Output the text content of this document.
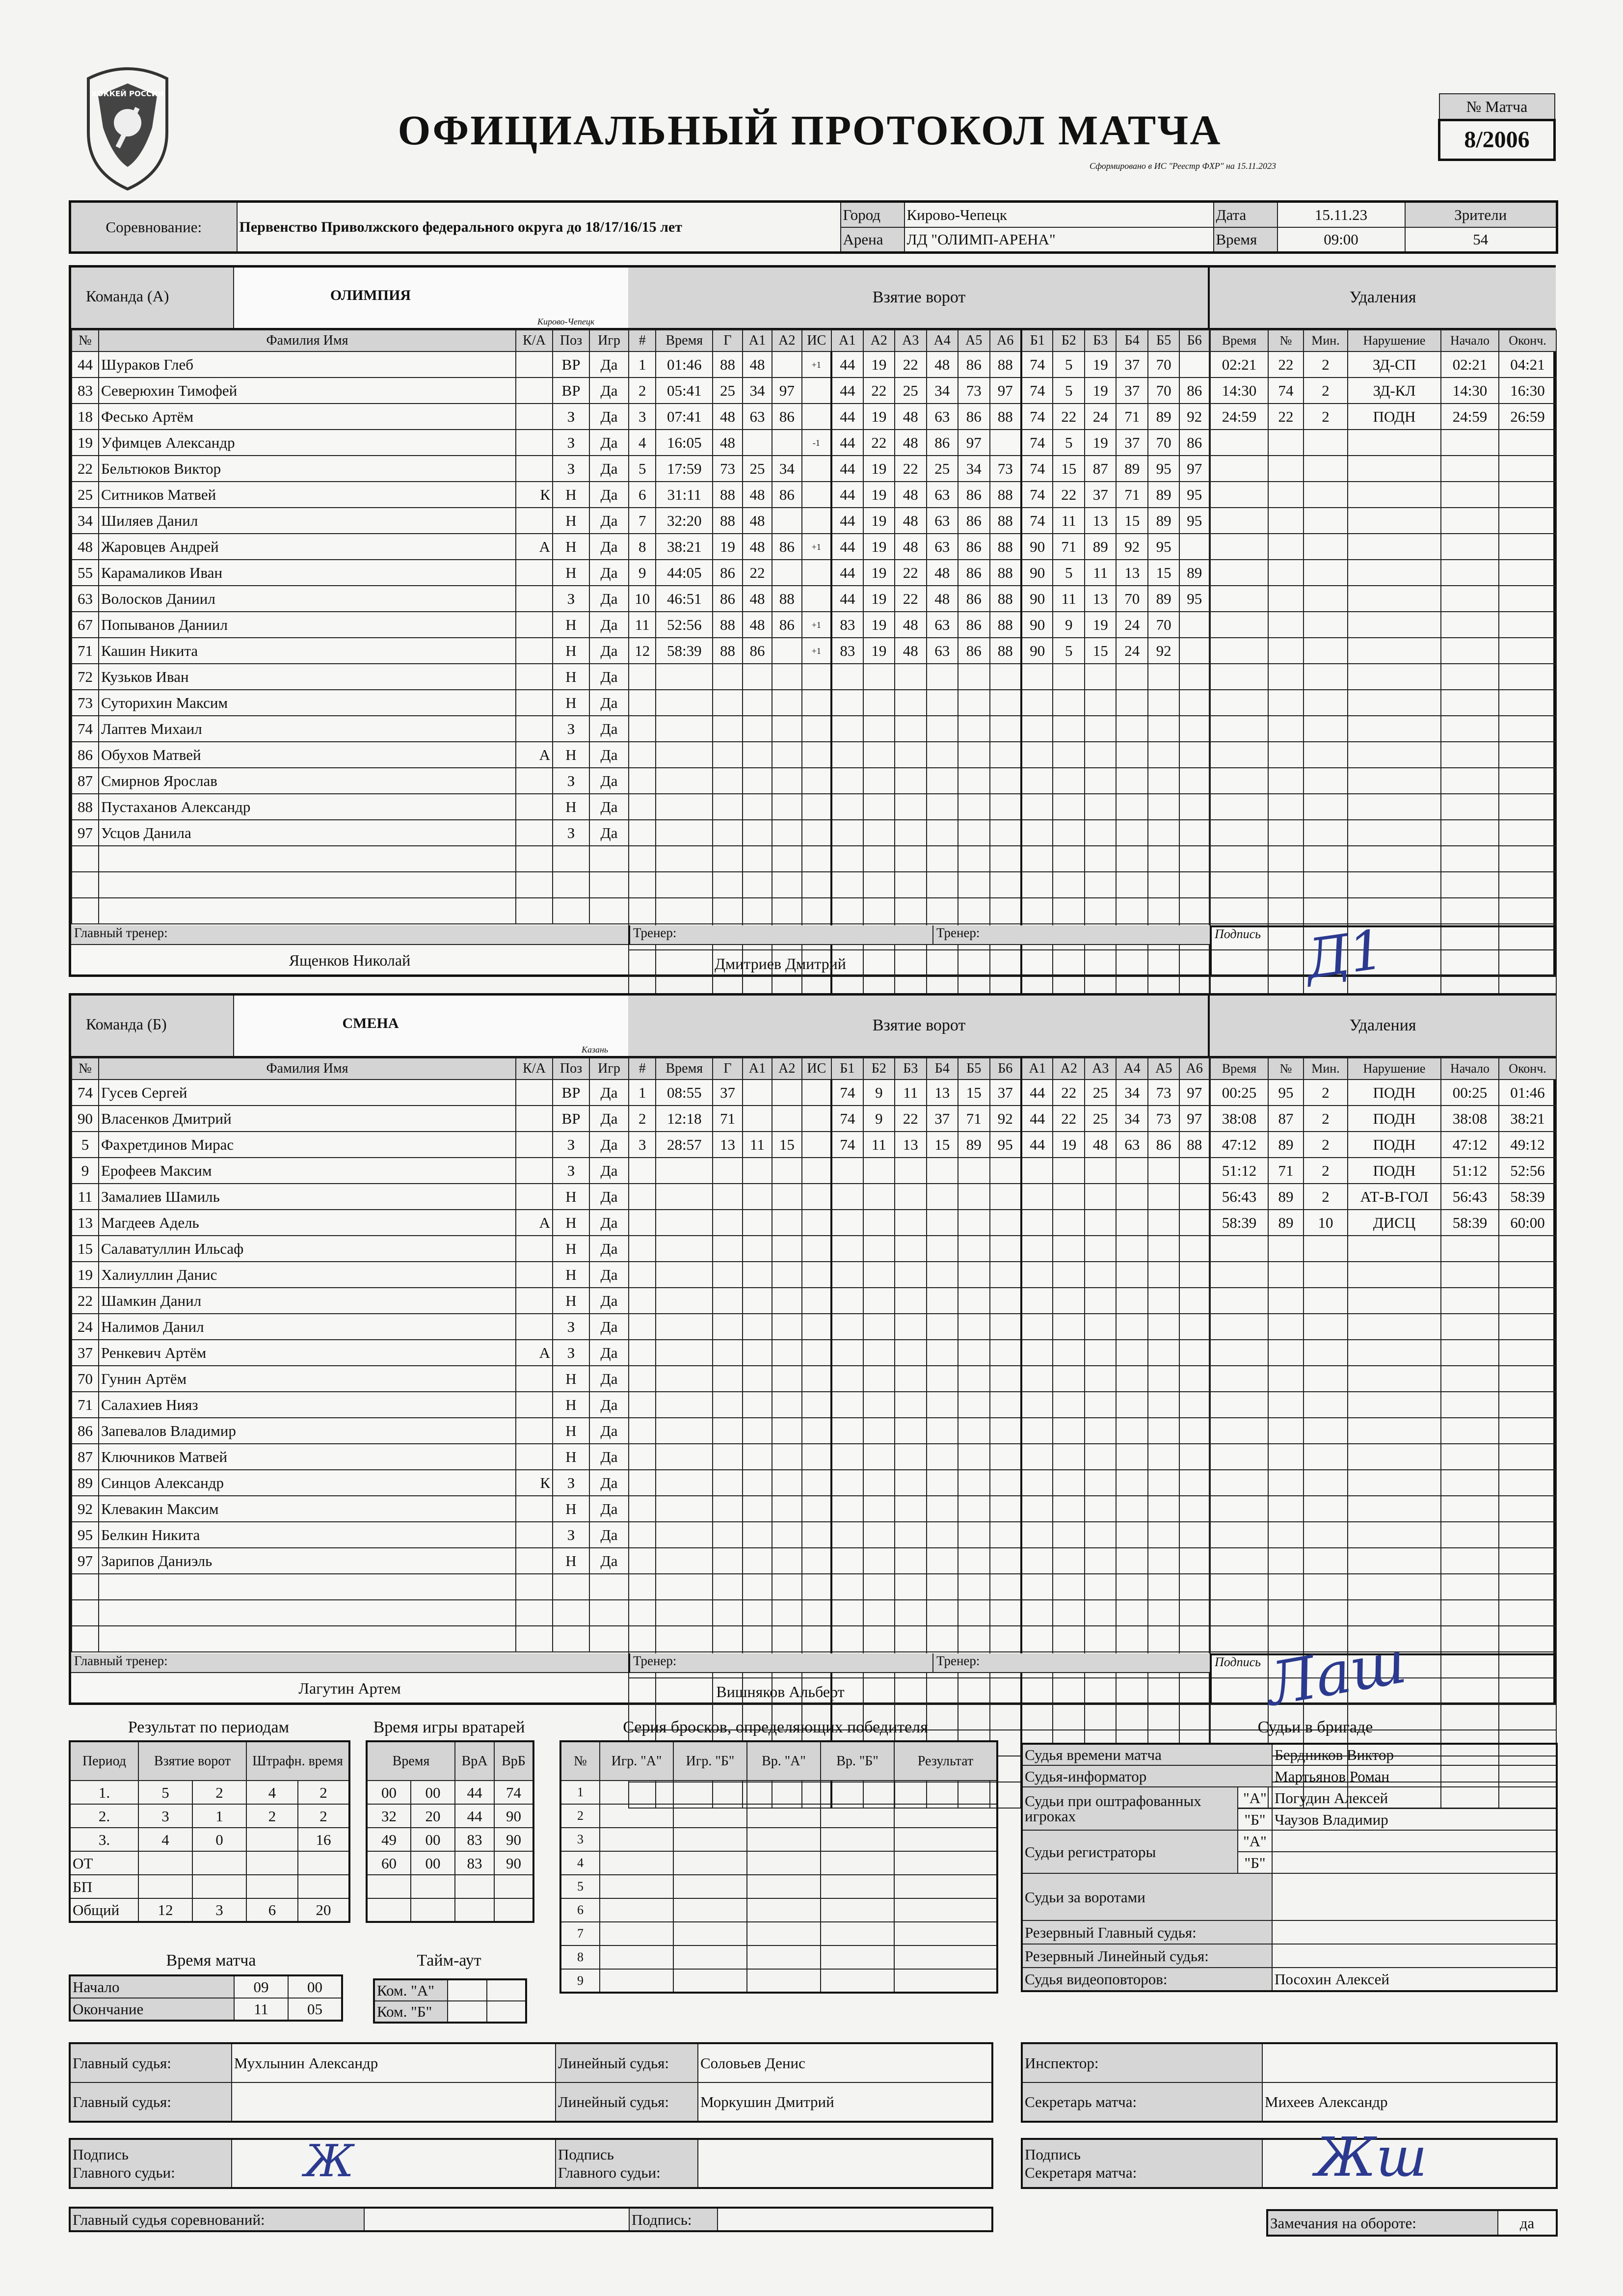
ХОККЕЙ РОССИИ
ОФИЦИАЛЬНЫЙ ПРОТОКОЛ МАТЧА
Сформировано в ИС "Реестр ФХР" на 15.11.2023
№ Матча
8/2006
Соревнование:	Первенство Приволжского федерального округа до 18/17/16/15 лет	Город	Кирово-Чепецк	Дата	15.11.23	Зрители
		Арена	ЛД "ОЛИМП-АРЕНА"	Время	09:00	54
Команда (А)	ОЛИМПИЯ
Кирово-Чепецк
Взятие ворот	Удаления
№	Фамилия Имя	К/А	Поз	Игр
44	Шураков Глеб		ВР	Да
83	Северюхин Тимофей		ВР	Да
18	Фесько Артём		З	Да
19	Уфимцев Александр		З	Да
22	Бельтюков Виктор		З	Да
25	Ситников Матвей	К	Н	Да
34	Шиляев Данил		Н	Да
48	Жаровцев Андрей	А	Н	Да
55	Карамаликов Иван		Н	Да
63	Волосков Даниил		З	Да
67	Попыванов Даниил		Н	Да
71	Кашин Никита		Н	Да
72	Кузьков Иван		Н	Да
73	Суторихин Максим		Н	Да
74	Лаптев Михаил		З	Да
86	Обухов Матвей	А	Н	Да
87	Смирнов Ярослав		З	Да
88	Пустаханов Александр		Н	Да
97	Усцов Данила		З	Да

#	Время	Г	А1	А2	ИС	А1	А2	А3	А4	А5	А6	Б1	Б2	Б3	Б4	Б5	Б6
1	01:46	88	48		+1	44	19	22	48	86	88	74	5	19	37	70	
2	05:41	25	34	97		44	22	25	34	73	97	74	5	19	37	70	86
3	07:41	48	63	86		44	19	48	63	86	88	74	22	24	71	89	92
4	16:05	48			-1	44	22	48	86	97		74	5	19	37	70	86
5	17:59	73	25	34		44	19	22	25	34	73	74	15	87	89	95	97
6	31:11	88	48	86		44	19	48	63	86	88	74	22	37	71	89	95
7	32:20	88	48			44	19	48	63	86	88	74	11	13	15	89	95
8	38:21	19	48	86	+1	44	19	48	63	86	88	90	71	89	92	95	
9	44:05	86	22			44	19	22	48	86	88	90	5	11	13	15	89
10	46:51	86	48	88		44	19	22	48	86	88	90	11	13	70	89	95
11	52:56	88	48	86	+1	83	19	48	63	86	88	90	9	19	24	70	
12	58:39	88	86		+1	83	19	48	63	86	88	90	5	15	24	92	

Время	№	Мин.	Нарушение	Начало	Оконч.
02:21	22	2	ЗД-СП	02:21	04:21
14:30	74	2	ЗД-КЛ	14:30	16:30
24:59	22	2	ПОДН	24:59	26:59

Главный тренер:
Ященков Николай
Тренер:
Дмитриев Дмитрий
Тренер:	Подпись Д1
Команда (Б)	СМЕНА
Казань
Взятие ворот	Удаления
№	Фамилия Имя	К/А	Поз	Игр
74	Гусев Сергей		ВР	Да
90	Власенков Дмитрий		ВР	Да
5	Фахретдинов Мирас		З	Да
9	Ерофеев Максим		З	Да
11	Замалиев Шамиль		Н	Да
13	Магдеев Адель	А	Н	Да
15	Салаватуллин Ильсаф		Н	Да
19	Халиуллин Данис		Н	Да
22	Шамкин Данил		Н	Да
24	Налимов Данил		З	Да
37	Ренкевич Артём	А	З	Да
70	Гунин Артём		Н	Да
71	Салахиев Нияз		Н	Да
86	Запевалов Владимир		Н	Да
87	Ключников Матвей		Н	Да
89	Синцов Александр	К	З	Да
92	Клевакин Максим		Н	Да
95	Белкин Никита		З	Да
97	Зарипов Даниэль		Н	Да

#	Время	Г	А1	А2	ИС	Б1	Б2	Б3	Б4	Б5	Б6	А1	А2	А3	А4	А5	А6
1	08:55	37				74	9	11	13	15	37	44	22	25	34	73	97
2	12:18	71				74	9	22	37	71	92	44	22	25	34	73	97
3	28:57	13	11	15		74	11	13	15	89	95	44	19	48	63	86	88

Время	№	Мин.	Нарушение	Начало	Оконч.
00:25	95	2	ПОДН	00:25	01:46
38:08	87	2	ПОДН	38:08	38:21
47:12	89	2	ПОДН	47:12	49:12
51:12	71	2	ПОДН	51:12	52:56
56:43	89	2	АТ-В-ГОЛ	56:43	58:39
58:39	89	10	ДИСЦ	58:39	60:00

Главный тренер:
Лагутин Артем
Тренер:
Вишняков Альберт
Тренер:	Подпись Лаш
Результат по периодам
Период	Взятие ворот		Штрафн. время	
1.	5	2	4	2
2.	3	1	2	2
3.	4	0		16
ОТ				
БП				
Общий	12	3	6	20
Время игры вратарей
Время		ВрА	ВрБ
00	00	44	74
32	20	44	90
49	00	83	90
60	00	83	90

Время матча
Начало	09	00
Окончание	11	05
Тайм-аут
Ком. "А"		
Ком. "Б"		
Серия бросков, определяющих победителя
№	Игр. "А"	Игр. "Б"	Вр. "А"	Вр. "Б"	Результат
1					
2					
3					
4					
5					
6					
7					
8					
9					
Судьи в бригаде
Судья времени матча		Бердников Виктор
Судья-информатор		Мартьянов Роман
Судьи при оштрафованных игроках	"А"	Погудин Алексей
	"Б"	Чаузов Владимир
Судьи регистраторы	"А"	
	"Б"	
Судьи за воротами		
Резервный Главный судья:		
Резервный Линейный судья:		
Судья видеоповторов:		Посохин Алексей
Главный судья:	Мухлынин Александр	Линейный судья:	Соловьев Денис
Главный судья:		Линейный судья:	Моркушин Дмитрий
Инспектор:	
Секретарь матча:	Михеев Александр
Подпись
Главного судьи:		Подпись
Главного судьи:	
Ж	Подпись
Секретаря матча:		Жш
Главный судья соревнований:		Подпись:		Замечания на обороте:	да
